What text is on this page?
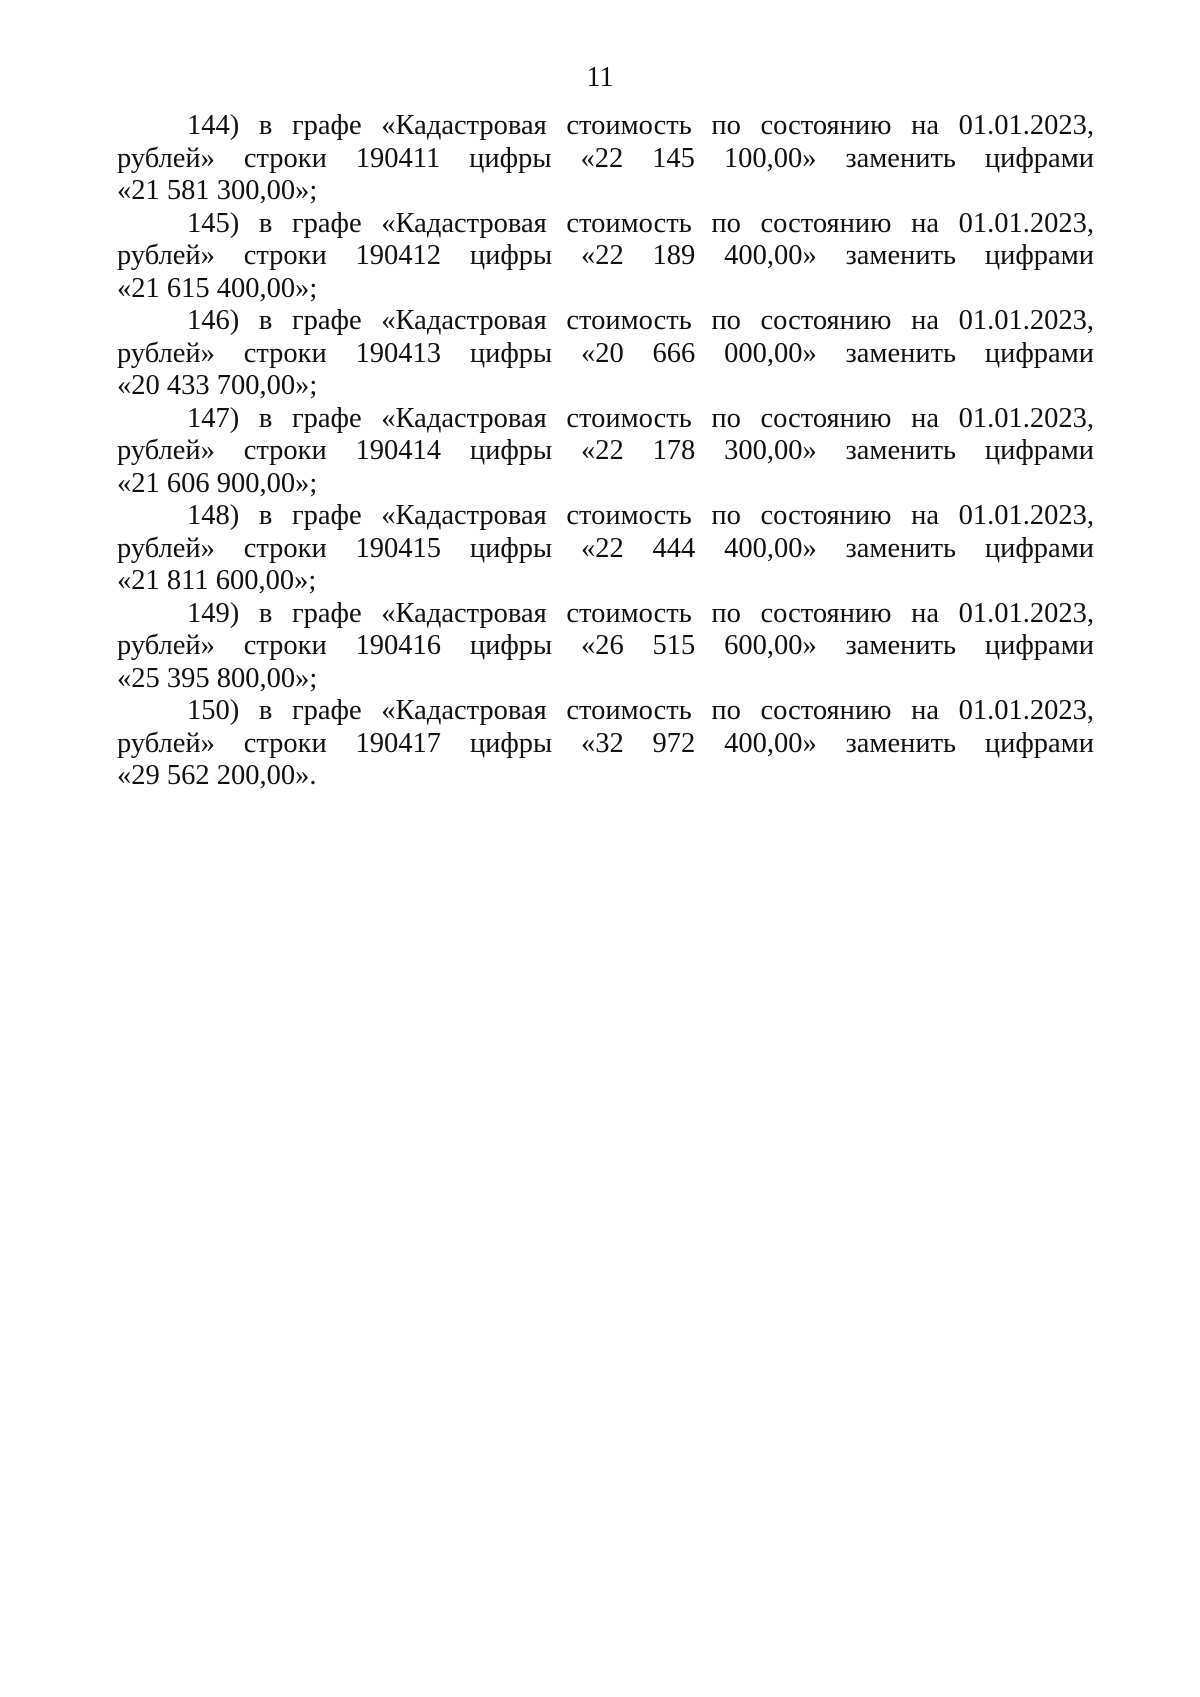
11
144) в графе «Кадастровая стоимость по состоянию на 01.01.2023,
рублей» строки 190411 цифры «22 145 100,00» заменить цифрами
«21 581 300,00»;
145) в графе «Кадастровая стоимость по состоянию на 01.01.2023,
рублей» строки 190412 цифры «22 189 400,00» заменить цифрами
«21 615 400,00»;
146) в графе «Кадастровая стоимость по состоянию на 01.01.2023,
рублей» строки 190413 цифры «20 666 000,00» заменить цифрами
«20 433 700,00»;
147) в графе «Кадастровая стоимость по состоянию на 01.01.2023,
рублей» строки 190414 цифры «22 178 300,00» заменить цифрами
«21 606 900,00»;
148) в графе «Кадастровая стоимость по состоянию на 01.01.2023,
рублей» строки 190415 цифры «22 444 400,00» заменить цифрами
«21 811 600,00»;
149) в графе «Кадастровая стоимость по состоянию на 01.01.2023,
рублей» строки 190416 цифры «26 515 600,00» заменить цифрами
«25 395 800,00»;
150) в графе «Кадастровая стоимость по состоянию на 01.01.2023,
рублей» строки 190417 цифры «32 972 400,00» заменить цифрами
«29 562 200,00».
